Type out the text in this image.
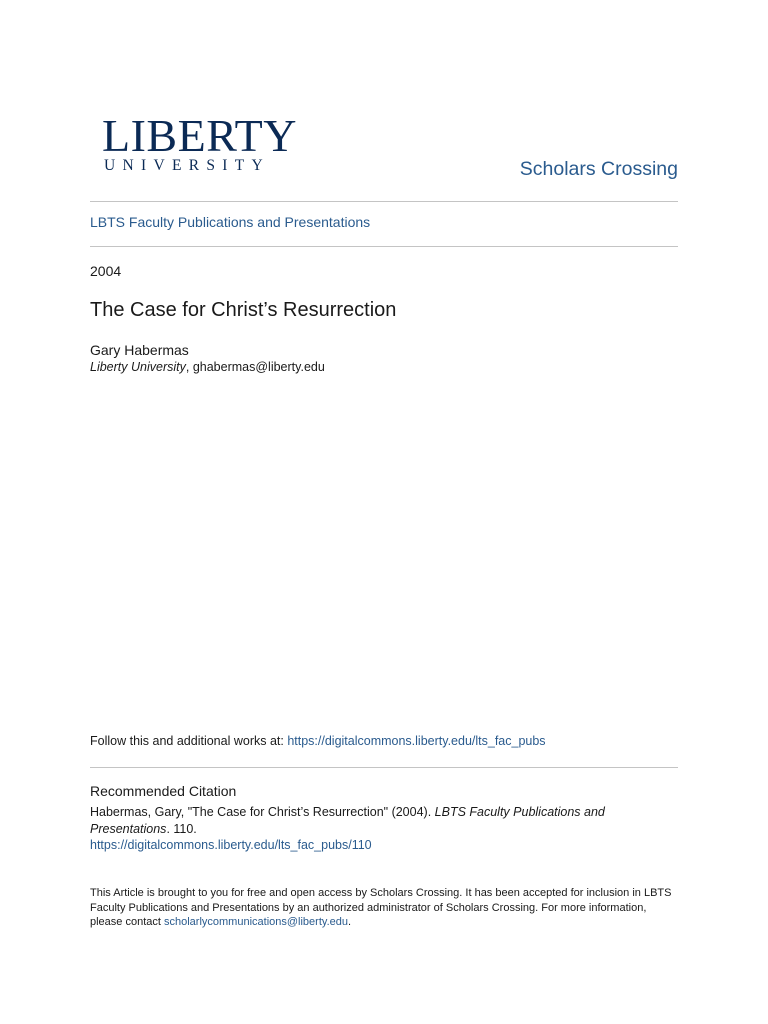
LIBERTY
UNIVERSITY	Scholars Crossing
LBTS Faculty Publications and Presentations
2004
The Case for Christ’s Resurrection
Gary Habermas
Liberty University, ghabermas@liberty.edu
Follow this and additional works at: https://digitalcommons.liberty.edu/lts_fac_pubs
Recommended Citation
Habermas, Gary, "The Case for Christ’s Resurrection" (2004). LBTS Faculty Publications and Presentations. 110.
https://digitalcommons.liberty.edu/lts_fac_pubs/110
This Article is brought to you for free and open access by Scholars Crossing. It has been accepted for inclusion in LBTS Faculty Publications and Presentations by an authorized administrator of Scholars Crossing. For more information, please contact scholarlycommunications@liberty.edu.
